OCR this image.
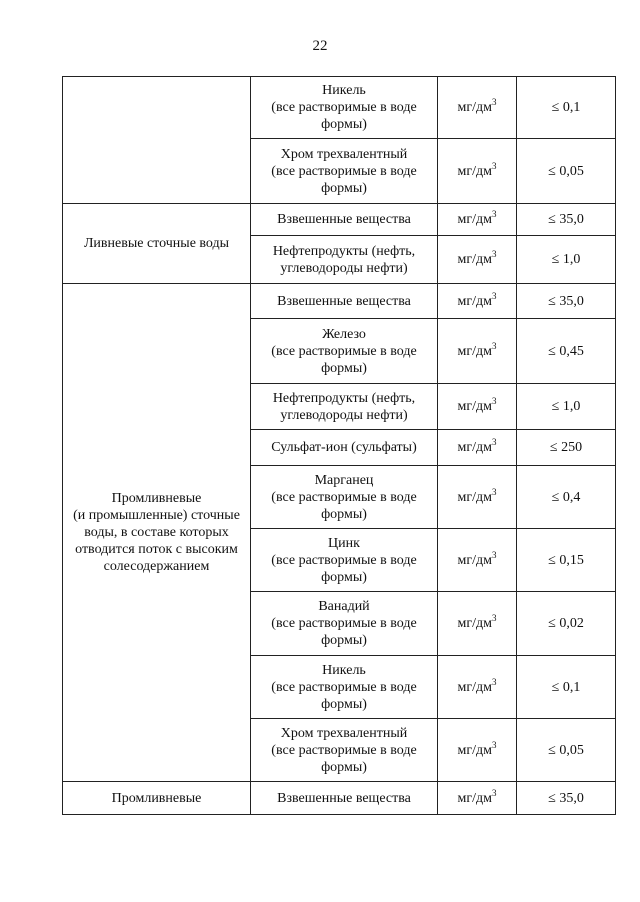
22

	Никель
(все растворимые в воде
формы)	$мг/дм^3$	≤ 0,1

	Хром трехвалентный
(все растворимые в воде
формы)	$мг/дм^3$	≤ 0,05

Ливневые сточные воды	Взвешенные вещества	$мг/дм^3$	≤ 35,0

	Нефтепродукты (нефть,
углеводороды нефти)	$мг/дм^3$	≤ 1,0

Промливневые
(и промышленные) сточные
воды, в составе которых
отводится поток с высоким
солесодержанием	Взвешенные вещества	$мг/дм^3$	≤ 35,0

	Железо
(все растворимые в воде
формы)	$мг/дм^3$	≤ 0,45

	Нефтепродукты (нефть,
углеводороды нефти)	$мг/дм^3$	≤ 1,0

	Сульфат-ион (сульфаты)	$мг/дм^3$	≤ 250

	Марганец
(все растворимые в воде
формы)	$мг/дм^3$	≤ 0,4

	Цинк
(все растворимые в воде
формы)	$мг/дм^3$	≤ 0,15

	Ванадий
(все растворимые в воде
формы)	$мг/дм^3$	≤ 0,02

	Никель
(все растворимые в воде
формы)	$мг/дм^3$	≤ 0,1

	Хром трехвалентный
(все растворимые в воде
формы)	$мг/дм^3$	≤ 0,05

Промливневые	Взвешенные вещества	$мг/дм^3$	≤ 35,0
